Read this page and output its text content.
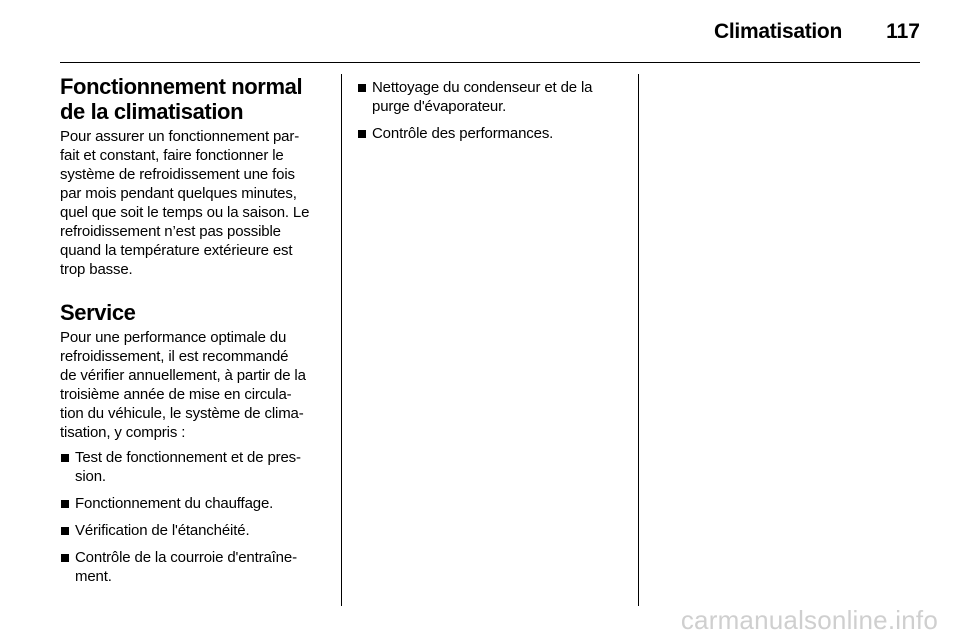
Climatisation 117
Fonctionnement normal de la climatisation

Pour assurer un fonctionnement par-
fait et constant, faire fonctionner le
système de refroidissement une fois
par mois pendant quelques minutes,
quel que soit le temps ou la saison. Le
refroidissement n’est pas possible
quand la température extérieure est
trop basse.

Service

Pour une performance optimale du
refroidissement, il est recommandé
de vérifier annuellement, à partir de la
troisième année de mise en circula-
tion du véhicule, le système de clima-
tisation, y compris :

Test de fonctionnement et de pres-
sion.
Fonctionnement du chauffage.
Vérification de l'étanchéité.
Contrôle de la courroie d'entraîne-
ment.
Nettoyage du condenseur et de la
purge d'évaporateur.
Contrôle des performances.
carmanualsonline.info
